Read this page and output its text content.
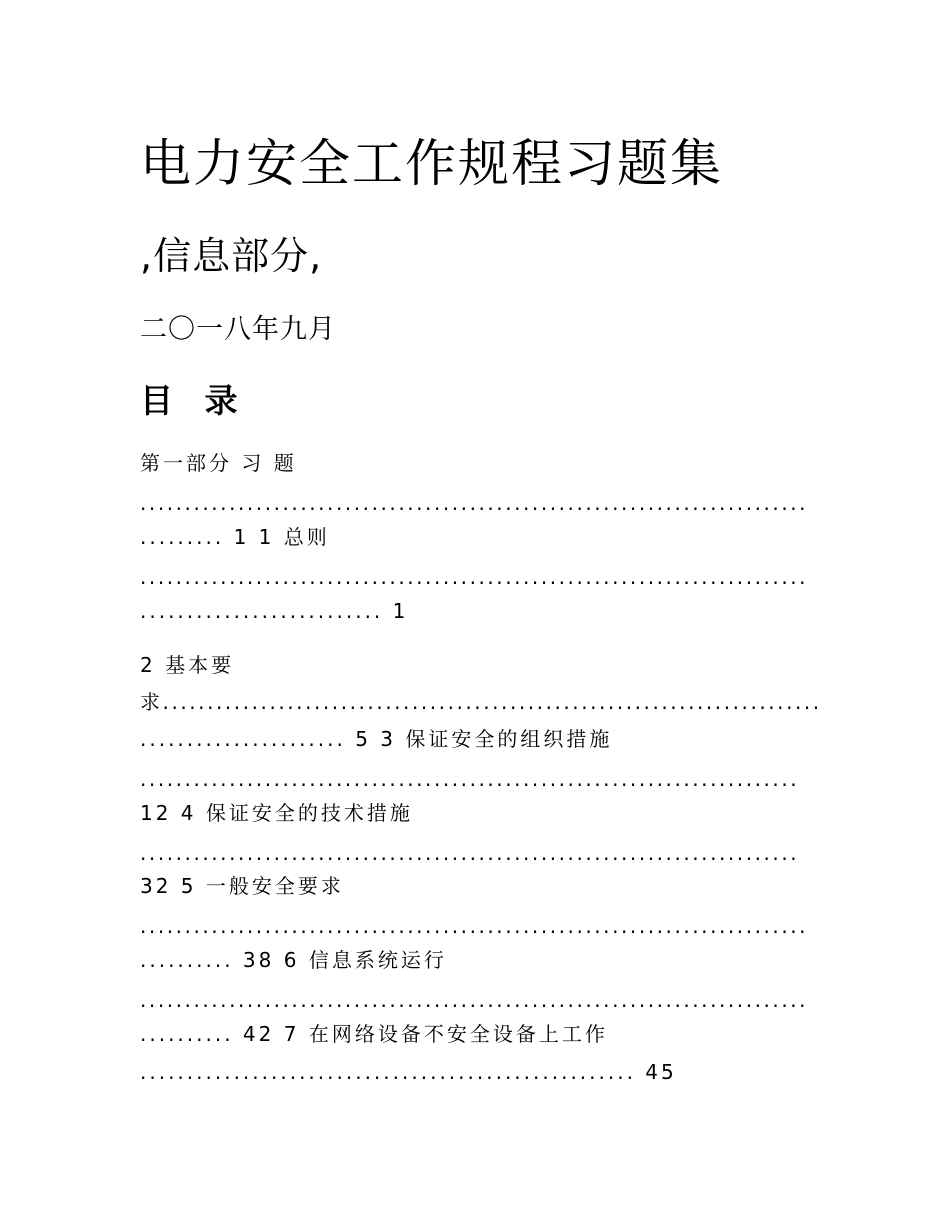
电力安全工作规程习题集
,信息部分,

二〇一八年九月

目 录

第一部分 习 题

...........................................................................

......... 1 1 总则

...........................................................................

.......................... 1

2 基本要

求..........................................................................

...................... 5 3 保证安全的组织措施

..........................................................................

12 4 保证安全的技术措施

..........................................................................

32 5 一般安全要求

...........................................................................

.......... 38 6 信息系统运行

...........................................................................

.......... 42 7 在网络设备不安全设备上工作

..................................................... 45
